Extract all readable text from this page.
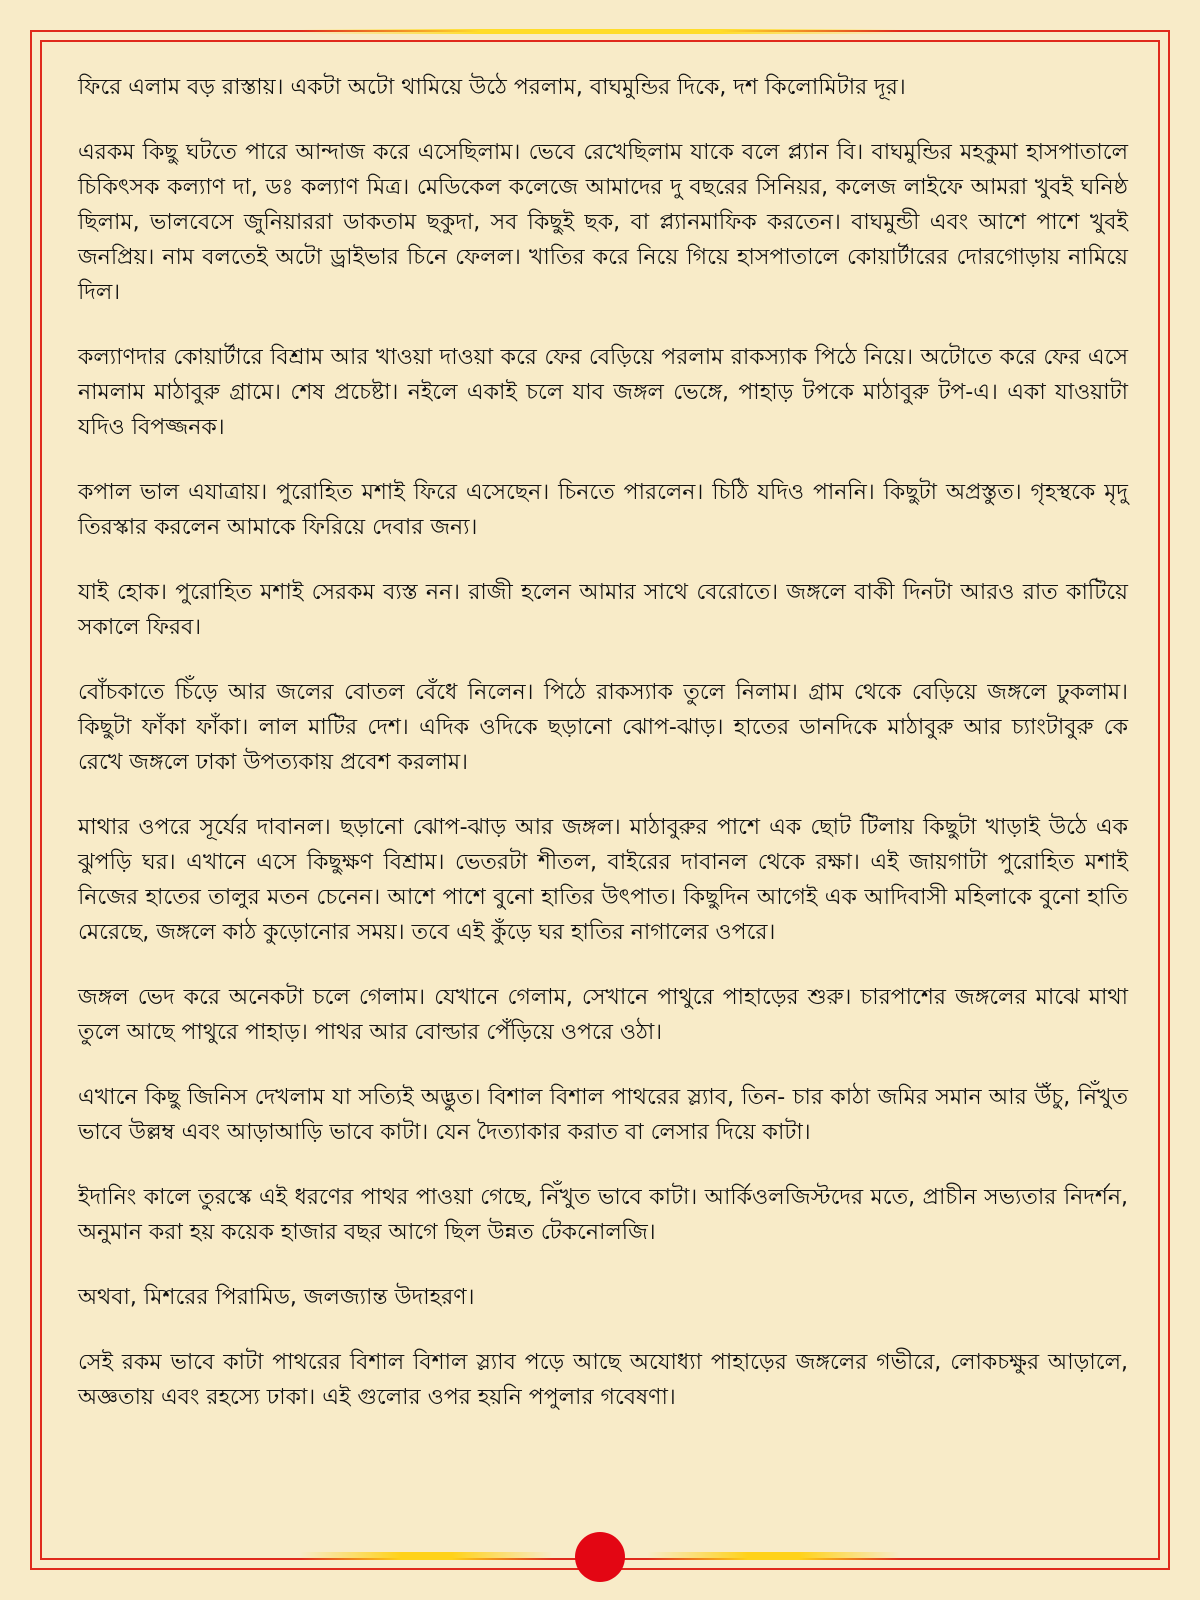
ফিরে এলাম বড় রাস্তায়। একটা অটো থামিয়ে উঠে পরলাম, বাঘমুন্ডির দিকে, দশ কিলোমিটার দূর।

এরকম কিছু ঘটতে পারে আন্দাজ করে এসেছিলাম। ভেবে রেখেছিলাম যাকে বলে প্ল্যান বি। বাঘমুন্ডির মহকুমা হাসপাতালে চিকিৎসক কল্যাণ দা, ডঃ কল্যাণ মিত্র। মেডিকেল কলেজে আমাদের দু বছরের সিনিয়র, কলেজ লাইফে আমরা খুবই ঘনিষ্ঠ ছিলাম, ভালবেসে জুনিয়াররা ডাকতাম ছকুদা, সব কিছুই ছক, বা প্ল্যানমাফিক করতেন। বাঘমুন্ডী এবং আশে পাশে খুবই জনপ্রিয়। নাম বলতেই অটো ড্রাইভার চিনে ফেলল। খাতির করে নিয়ে গিয়ে হাসপাতালে কোয়ার্টারের দোরগোড়ায় নামিয়ে দিল।

কল্যাণদার কোয়ার্টারে বিশ্রাম আর খাওয়া দাওয়া করে ফের বেড়িয়ে পরলাম রাকস্যাক পিঠে নিয়ে। অটোতে করে ফের এসে নামলাম মাঠাবুরু গ্রামে। শেষ প্রচেষ্টা। নইলে একাই চলে যাব জঙ্গল ভেঙ্গে, পাহাড় টপকে মাঠাবুরু টপ-এ। একা যাওয়াটা যদিও বিপজ্জনক।

কপাল ভাল এযাত্রায়। পুরোহিত মশাই ফিরে এসেছেন। চিনতে পারলেন। চিঠি যদিও পাননি। কিছুটা অপ্রস্তুত। গৃহস্থকে মৃদু তিরস্কার করলেন আমাকে ফিরিয়ে দেবার জন্য।

যাই হোক। পুরোহিত মশাই সেরকম ব্যস্ত নন। রাজী হলেন আমার সাথে বেরোতে। জঙ্গলে বাকী দিনটা আরও রাত কাটিয়ে সকালে ফিরব।

বোঁচকাতে চিঁড়ে আর জলের বোতল বেঁধে নিলেন। পিঠে রাকস্যাক তুলে নিলাম। গ্রাম থেকে বেড়িয়ে জঙ্গলে ঢুকলাম। কিছুটা ফাঁকা ফাঁকা। লাল মাটির দেশ। এদিক ওদিকে ছড়ানো ঝোপ-ঝাড়। হাতের ডানদিকে মাঠাবুরু আর চ্যাংটাবুরু কে রেখে জঙ্গলে ঢাকা উপত্যকায় প্রবেশ করলাম।

মাথার ওপরে সূর্যের দাবানল। ছড়ানো ঝোপ-ঝাড় আর জঙ্গল। মাঠাবুরুর পাশে এক ছোট টিলায় কিছুটা খাড়াই উঠে এক ঝুপড়ি ঘর। এখানে এসে কিছুক্ষণ বিশ্রাম। ভেতরটা শীতল, বাইরের দাবানল থেকে রক্ষা। এই জায়গাটা পুরোহিত মশাই নিজের হাতের তালুর মতন চেনেন। আশে পাশে বুনো হাতির উৎপাত। কিছুদিন আগেই এক আদিবাসী মহিলাকে বুনো হাতি মেরেছে, জঙ্গলে কাঠ কুড়োনোর সময়। তবে এই কুঁড়ে ঘর হাতির নাগালের ওপরে।

জঙ্গল ভেদ করে অনেকটা চলে গেলাম। যেখানে গেলাম, সেখানে পাথুরে পাহাড়ের শুরু। চারপাশের জঙ্গলের মাঝে মাথা তুলে আছে পাথুরে পাহাড়। পাথর আর বোল্ডার পেঁড়িয়ে ওপরে ওঠা।

এখানে কিছু জিনিস দেখলাম যা সত্যিই অদ্ভুত। বিশাল বিশাল পাথরের স্ল্যাব, তিন- চার কাঠা জমির সমান আর উঁচু, নিঁখুত ভাবে উল্লম্ব এবং আড়াআড়ি ভাবে কাটা। যেন দৈত্যাকার করাত বা লেসার দিয়ে কাটা।

ইদানিং কালে তুরস্কে এই ধরণের পাথর পাওয়া গেছে, নিঁখুত ভাবে কাটা। আর্কিওলজিস্টদের মতে, প্রাচীন সভ্যতার নিদর্শন, অনুমান করা হয় কয়েক হাজার বছর আগে ছিল উন্নত টেকনোলজি।

অথবা, মিশরের পিরামিড, জলজ্যান্ত উদাহরণ।

সেই রকম ভাবে কাটা পাথরের বিশাল বিশাল স্ল্যাব পড়ে আছে অযোধ্যা পাহাড়ের জঙ্গলের গভীরে, লোকচক্ষুর আড়ালে, অজ্ঞতায় এবং রহস্যে ঢাকা। এই গুলোর ওপর হয়নি পপুলার গবেষণা।
